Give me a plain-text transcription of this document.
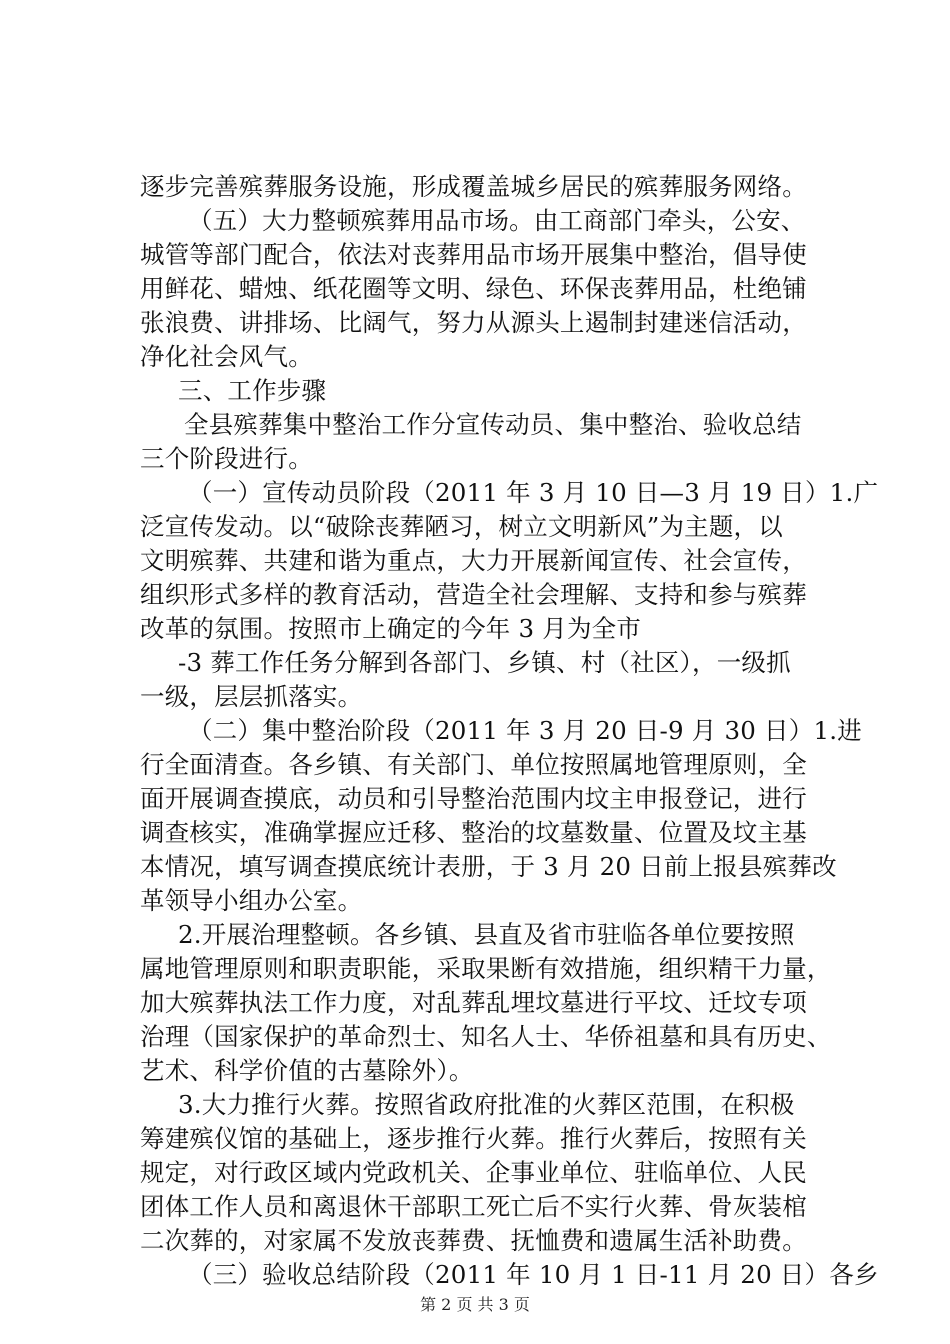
逐步完善殡葬服务设施，形成覆盖城乡居民的殡葬服务网络。
（五）大力整顿殡葬用品市场。由工商部门牵头，公安、
城管等部门配合，依法对丧葬用品市场开展集中整治，倡导使
用鲜花、蜡烛、纸花圈等文明、绿色、环保丧葬用品，杜绝铺
张浪费、讲排场、比阔气，努力从源头上遏制封建迷信活动，
净化社会风气。
三、工作步骤
全县殡葬集中整治工作分宣传动员、集中整治、验收总结
三个阶段进行。
（一）宣传动员阶段（2011 年 3 月 10 日—3 月 19 日）1.广
泛宣传发动。以“破除丧葬陋习，树立文明新风”为主题，以
文明殡葬、共建和谐为重点，大力开展新闻宣传、社会宣传，
组织形式多样的教育活动，营造全社会理解、支持和参与殡葬
改革的氛围。按照市上确定的今年 3 月为全市
-3 葬工作任务分解到各部门、乡镇、村（社区），一级抓
一级，层层抓落实。
（二）集中整治阶段（2011 年 3 月 20 日-9 月 30 日）1.进
行全面清查。各乡镇、有关部门、单位按照属地管理原则，全
面开展调查摸底，动员和引导整治范围内坟主申报登记，进行
调查核实，准确掌握应迁移、整治的坟墓数量、位置及坟主基
本情况，填写调查摸底统计表册，于 3 月 20 日前上报县殡葬改
革领导小组办公室。
2.开展治理整顿。各乡镇、县直及省市驻临各单位要按照
属地管理原则和职责职能，采取果断有效措施，组织精干力量，
加大殡葬执法工作力度，对乱葬乱埋坟墓进行平坟、迁坟专项
治理（国家保护的革命烈士、知名人士、华侨祖墓和具有历史、
艺术、科学价值的古墓除外）。
3.大力推行火葬。按照省政府批准的火葬区范围，在积极
筹建殡仪馆的基础上，逐步推行火葬。推行火葬后，按照有关
规定，对行政区域内党政机关、企事业单位、驻临单位、人民
团体工作人员和离退休干部职工死亡后不实行火葬、骨灰装棺
二次葬的，对家属不发放丧葬费、抚恤费和遗属生活补助费。
（三）验收总结阶段（2011 年 10 月 1 日-11 月 20 日）各乡
第 2 页 共 3 页
